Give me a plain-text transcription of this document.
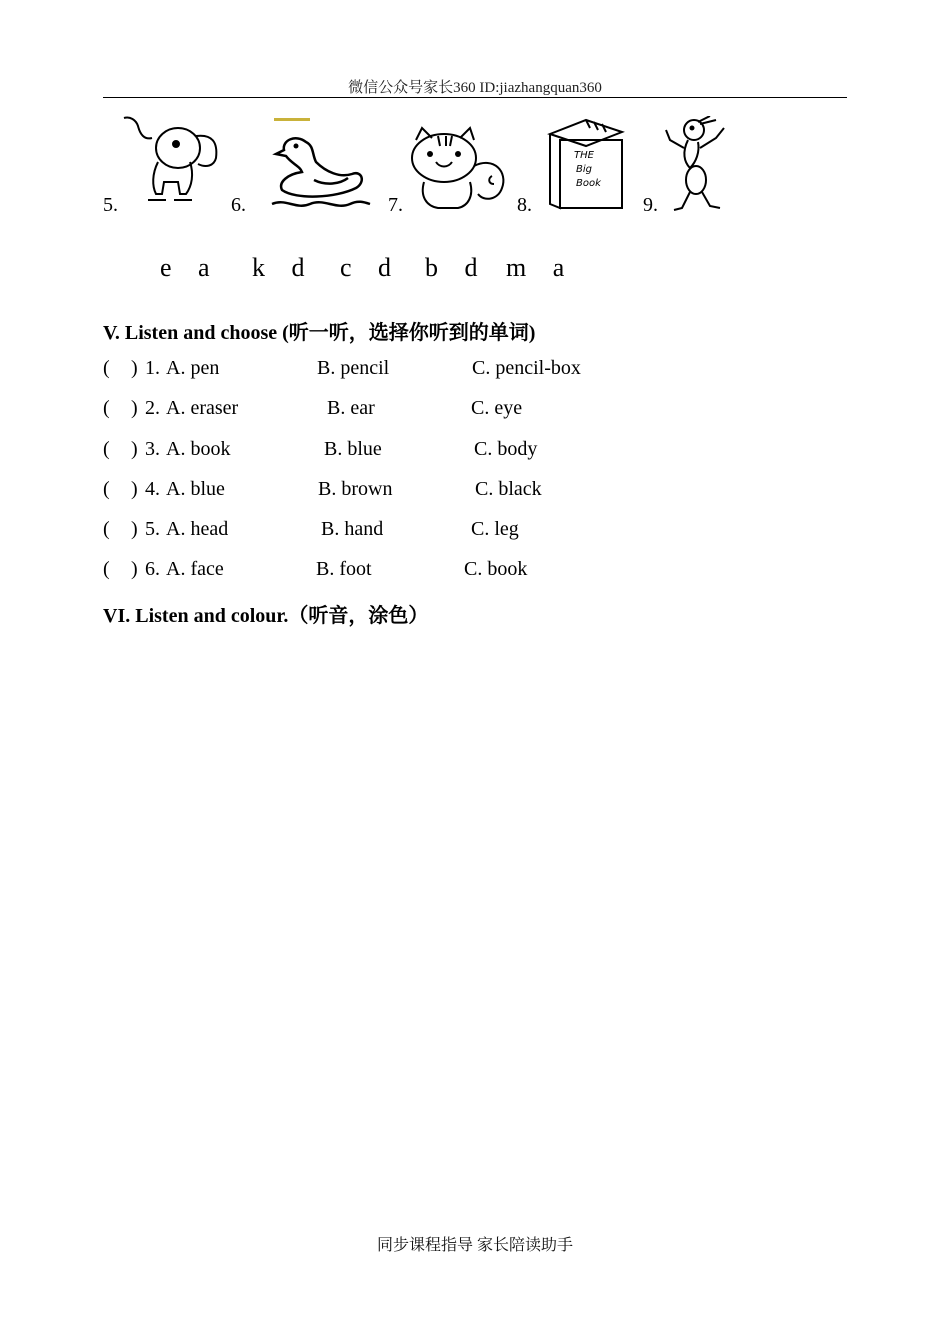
微信公众号家长360 ID:jiazhangquan360
5.	6.	7.	8.
THE
Big
Book
9.
e a k d c d b d m a
V. Listen and choose (听一听，选择你听到的单词)
( ) 1. A. pen	B. pencil	C. pencil-box
( ) 2. A. eraser	B. ear	C. eye
( ) 3. A. book	B. blue	C. body
( ) 4. A. blue	B. brown	C. black
( ) 5. A. head	B. hand	C. leg
( ) 6. A. face	B. foot	C. book
VI. Listen and colour.（听音，涂色）
同步课程指导 家长陪读助手
